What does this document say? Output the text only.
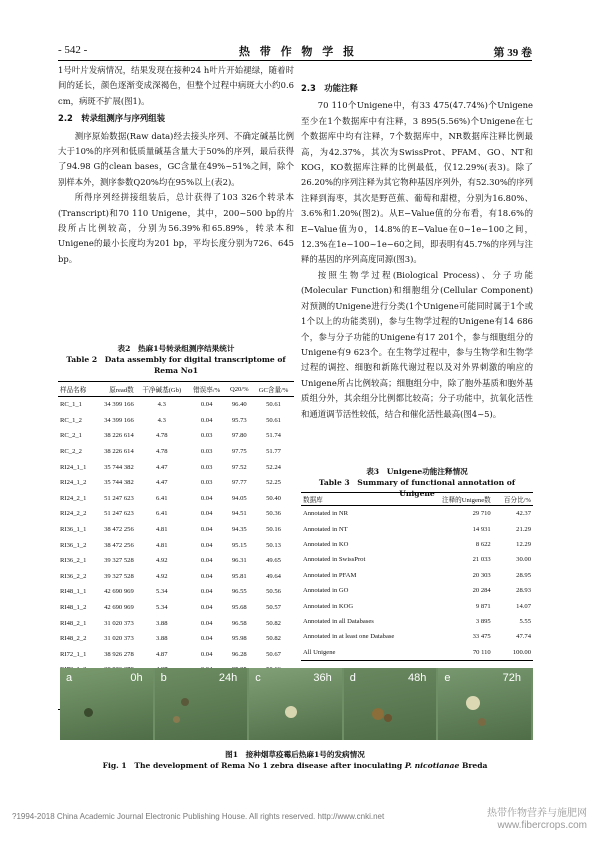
- 542 -	热 带 作 物 学 报	第 39 卷

1号叶片发病情况，结果发现在接种24 h叶片开始褪绿，随着时间的延长，颜色逐渐变成深褐色，但整个过程中病斑大小约0.6 cm，病斑不扩展(图1)。

2.2　转录组测序与序列组装

测序原始数据(Raw data)经去接头序列、不确定碱基比例大于10%的序列和低质量碱基含量大于50%的序列，最后获得了94.98 G的clean bases，GC含量在49%~51%之间，除个别样本外，测序参数Q20%均在95%以上(表2)。

所得序列经拼接组装后，总计获得了103 326个转录本(Transcript)和70 110 Unigene，其中，200~500 bp的片段所占比例较高，分别为56.39%和65.89%，转录本和Unigene的最小长度均为201 bp，平均长度分别为726、645 bp。

表2　热麻1号转录组测序结果统计
Table 2　Data assembly for digital transcriptome of Rema No1
样品名称	原read数	干净碱基(Gb)	错误率/%	Q20/%	GC含量/%
RC_1_1	34 399 166	4.3	0.04	96.40	50.61
RC_1_2	34 399 166	4.3	0.04	95.73	50.61
RC_2_1	38 226 614	4.78	0.03	97.80	51.74
RC_2_2	38 226 614	4.78	0.03	97.75	51.77
RI24_1_1	35 744 382	4.47	0.03	97.52	52.24
RI24_1_2	35 744 382	4.47	0.03	97.77	52.25
RI24_2_1	51 247 623	6.41	0.04	94.05	50.40
RI24_2_2	51 247 623	6.41	0.04	94.51	50.36
RI36_1_1	38 472 256	4.81	0.04	94.35	50.16
RI36_1_2	38 472 256	4.81	0.04	95.15	50.13
RI36_2_1	39 327 528	4.92	0.04	96.31	49.65
RI36_2_2	39 327 528	4.92	0.04	95.81	49.64
RI48_1_1	42 690 969	5.34	0.04	96.55	50.56
RI48_1_2	42 690 969	5.34	0.04	95.68	50.57
RI48_2_1	31 020 373	3.88	0.04	96.58	50.82
RI48_2_2	31 020 373	3.88	0.04	95.98	50.82
RI72_1_1	38 926 278	4.87	0.04	96.28	50.67

2.3　功能注释

70 110个Unigene中，有33 475(47.74%)个Unigene至少在1个数据库中有注释，3 895(5.56%)个Unigene在七个数据库中均有注释，7个数据库中，NR数据库注释比例最高，为42.37%，其次为SwissProt、PFAM、GO、NT和KOG，KO数据库注释的比例最低，仅12.29%(表3)。除了26.20%的序列注释为其它物种基因序列外，有52.30%的序列注释到海枣，其次是野芭蕉、葡萄和甜橙，分别为16.80%、3.6%和1.20%(图2)。从E−Value值的分布看，有18.6%的E−Value值为0，14.8%的E−Value在0~1e−100之间，12.3%在1e−100~1e−60之间，即表明有45.7%的序列与注释的基因的序列高度同源(图3)。

按照生物学过程(Biological Process)、分子功能(Molecular Function)和细胞组分(Cellular Component)对预测的Unigene进行分类(1个Unigene可能同时属于1个或1个以上的功能类别)，参与生物学过程的Unigene有14 686个，参与分子功能的Unigene有17 201个，参与细胞组分的Unigene有9 623个。在生物学过程中，参与生物学和生物学过程的调控、细胞和新陈代谢过程以及对外界刺激的响应的Unigene所占比例较高；细胞组分中，除了胞外基质和胞外基质组分外，其余组分比例都比较高；分子功能中，抗氧化活性和通道调节活性较低，结合和催化活性最高(图4~5)。

表3　Unigene功能注释情况
Table 3　Summary of functional annotation of Unigene
数据库	注释的Unigene数	百分比/%
Annotated in NR	29 710	42.37
Annotated in NT	14 931	21.29
Annotated in KO	8 622	12.29
Annotated in SwissProt	21 033	30.00
Annotated in PFAM	20 303	28.95
Annotated in GO	20 284	28.93
Annotated in KOG	9 871	14.07
Annotated in all Databases	3 895	5.55
Annotated in at least one Database	33 475	47.74
All Unigene	70 110	100.00
a	0h b	24h c	36h d	48h e	72h
图1　接种烟草疫霉后热麻1号的发病情况
Fig. 1　The development of Rema No 1 zebra disease after inoculating P. nicotianae Breda
?1994-2018 China Academic Journal Electronic Publishing House. All rights reserved. http://www.cnki.net	热带作物营养与施肥网
www.fibercrops.com
